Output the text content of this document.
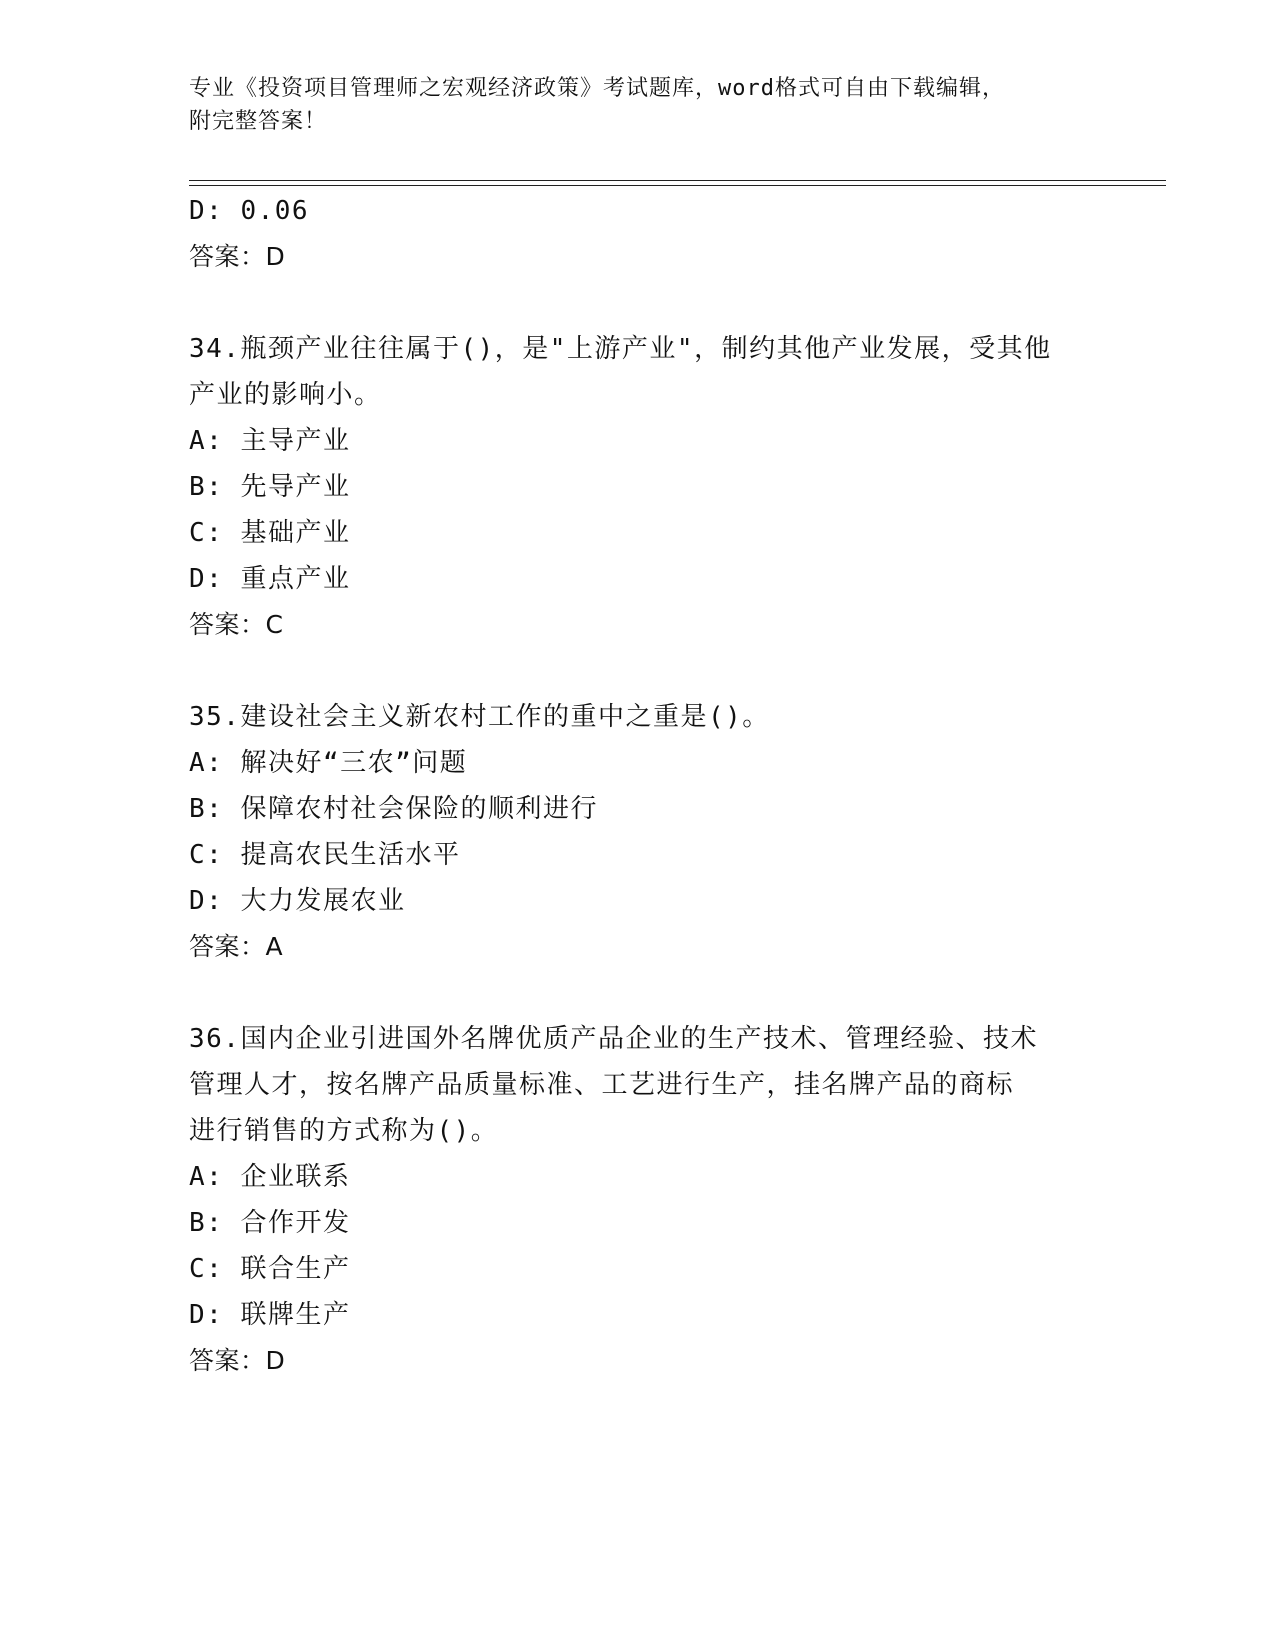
专业《投资项目管理师之宏观经济政策》考试题库，word格式可自由下载编辑，
附完整答案！
D: 0.06
答案：D
34.瓶颈产业往往属于()，是"上游产业"，制约其他产业发展，受其他
产业的影响小。
A: 主导产业
B: 先导产业
C: 基础产业
D: 重点产业
答案：C
35.建设社会主义新农村工作的重中之重是()。
A: 解决好“三农”问题
B: 保障农村社会保险的顺利进行
C: 提高农民生活水平
D: 大力发展农业
答案：A
36.国内企业引进国外名牌优质产品企业的生产技术、管理经验、技术
管理人才，按名牌产品质量标准、工艺进行生产，挂名牌产品的商标
进行销售的方式称为()。
A: 企业联系
B: 合作开发
C: 联合生产
D: 联牌生产
答案：D
